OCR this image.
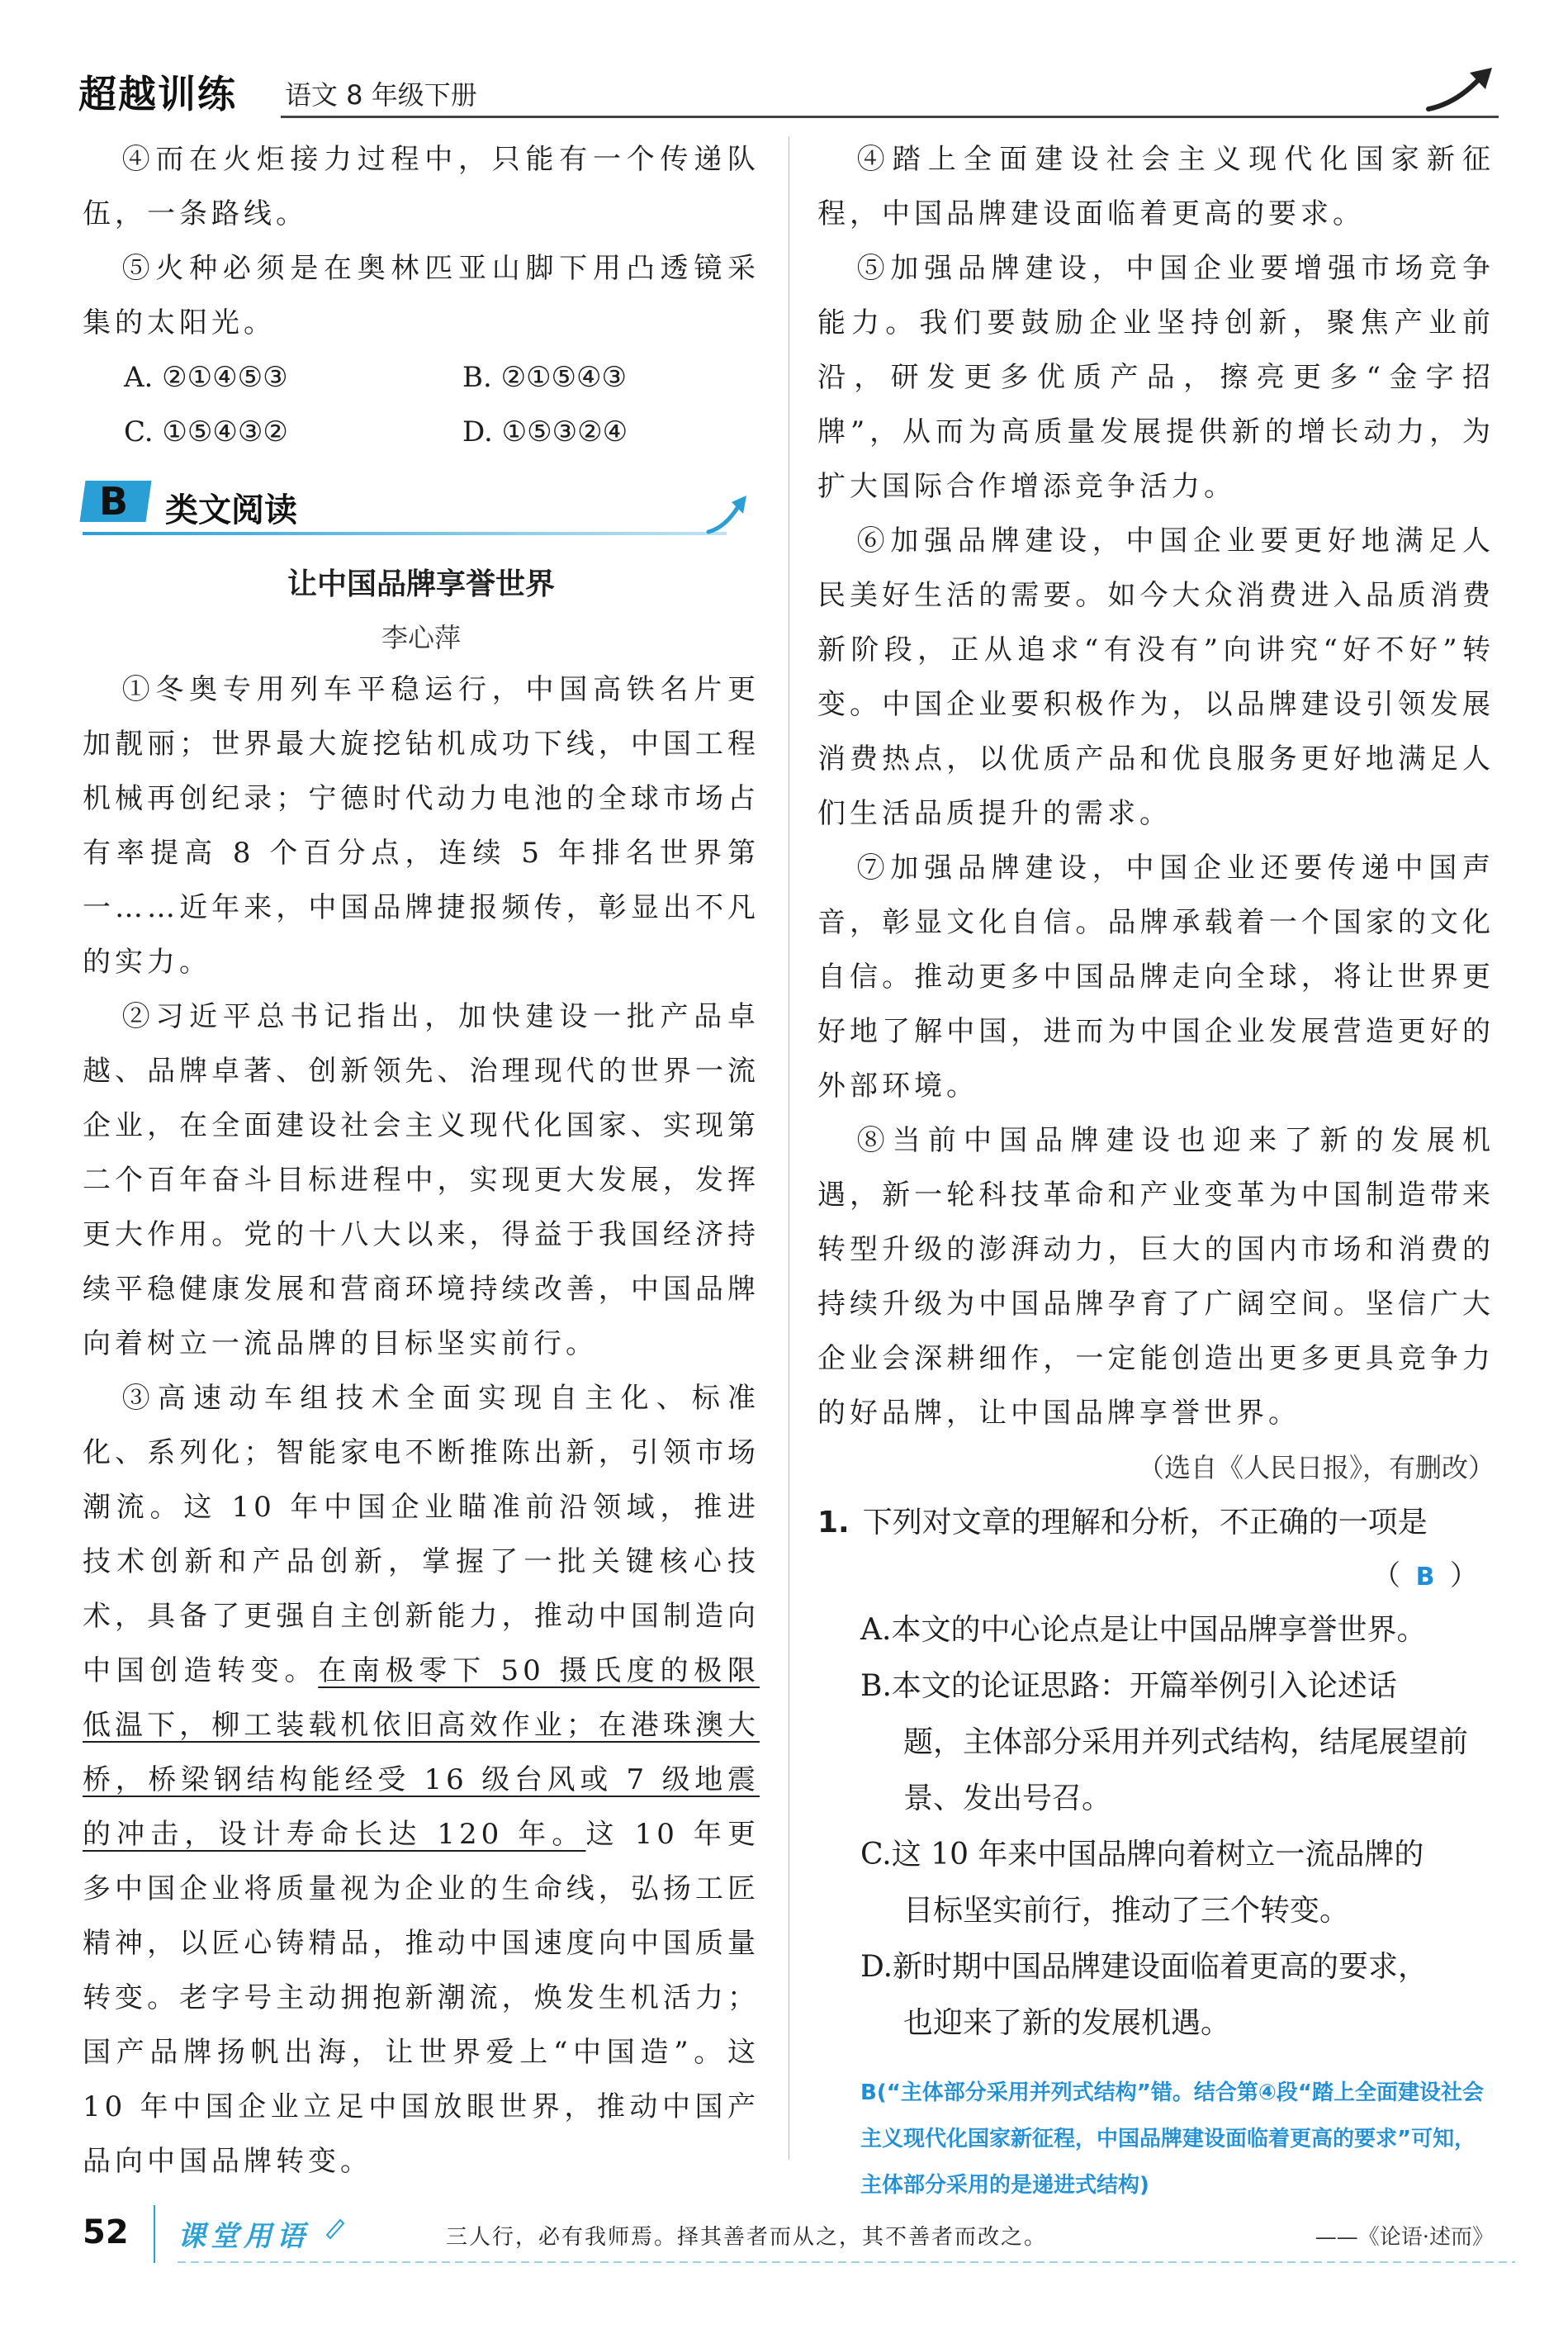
超越训练 语文 8 年级下册

④而在火炬接力过程中，只能有一个传递队伍，一条路线。

⑤火种必须是在奥林匹亚山脚下用凸透镜采集的太阳光。

A. ②①④⑤③	B. ②①⑤④③
C. ①⑤④③②	D. ①⑤③②④
B 类文阅读
让中国品牌享誉世界
李心萍

①冬奥专用列车平稳运行，中国高铁名片更加靓丽；世界最大旋挖钻机成功下线，中国工程机械再创纪录；宁德时代动力电池的全球市场占有率提高 8 个百分点，连续 5 年排名世界第一……近年来，中国品牌捷报频传，彰显出不凡的实力。

②习近平总书记指出，加快建设一批产品卓越、品牌卓著、创新领先、治理现代的世界一流企业，在全面建设社会主义现代化国家、实现第二个百年奋斗目标进程中，实现更大发展，发挥更大作用。党的十八大以来，得益于我国经济持续平稳健康发展和营商环境持续改善，中国品牌向着树立一流品牌的目标坚实前行。

③高速动车组技术全面实现自主化、标准化、系列化；智能家电不断推陈出新，引领市场潮流。这 10 年中国企业瞄准前沿领域，推进技术创新和产品创新，掌握了一批关键核心技术，具备了更强自主创新能力，推动中国制造向中国创造转变。在南极零下 50 摄氏度的极限低温下，柳工装载机依旧高效作业；在港珠澳大桥，桥梁钢结构能经受 16 级台风或 7 级地震的冲击，设计寿命长达 120 年。这 10 年更多中国企业将质量视为企业的生命线，弘扬工匠精神，以匠心铸精品，推动中国速度向中国质量转变。老字号主动拥抱新潮流，焕发生机活力；国产品牌扬帆出海，让世界爱上“中国造”。这 10 年中国企业立足中国放眼世界，推动中国产品向中国品牌转变。

④踏上全面建设社会主义现代化国家新征程，中国品牌建设面临着更高的要求。

⑤加强品牌建设，中国企业要增强市场竞争能力。我们要鼓励企业坚持创新，聚焦产业前沿，研发更多优质产品，擦亮更多“金字招牌”，从而为高质量发展提供新的增长动力，为扩大国际合作增添竞争活力。

⑥加强品牌建设，中国企业要更好地满足人民美好生活的需要。如今大众消费进入品质消费新阶段，正从追求“有没有”向讲究“好不好”转变。中国企业要积极作为，以品牌建设引领发展消费热点，以优质产品和优良服务更好地满足人们生活品质提升的需求。

⑦加强品牌建设，中国企业还要传递中国声音，彰显文化自信。品牌承载着一个国家的文化自信。推动更多中国品牌走向全球，将让世界更好地了解中国，进而为中国企业发展营造更好的外部环境。

⑧当前中国品牌建设也迎来了新的发展机遇，新一轮科技革命和产业变革为中国制造带来转型升级的澎湃动力，巨大的国内市场和消费的持续升级为中国品牌孕育了广阔空间。坚信广大企业会深耕细作，一定能创造出更多更具竞争力的好品牌，让中国品牌享誉世界。

（选自《人民日报》，有删改）
1. 下列对文章的理解和分析，不正确的一项是
（ B ）
A.本文的中心论点是让中国品牌享誉世界。
B.本文的论证思路：开篇举例引入论述话
题，主体部分采用并列式结构，结尾展望前景、发出号召。
C.这 10 年来中国品牌向着树立一流品牌的
目标坚实前行，推动了三个转变。
D.新时期中国品牌建设面临着更高的要求，
也迎来了新的发展机遇。
B(“主体部分采用并列式结构”错。结合第④段“踏上全面建设社会主义现代化国家新征程，中国品牌建设面临着更高的要求”可知，主体部分采用的是递进式结构)
52 课堂用语	三人行，必有我师焉。择其善者而从之，其不善者而改之。	——《论语·述而》
